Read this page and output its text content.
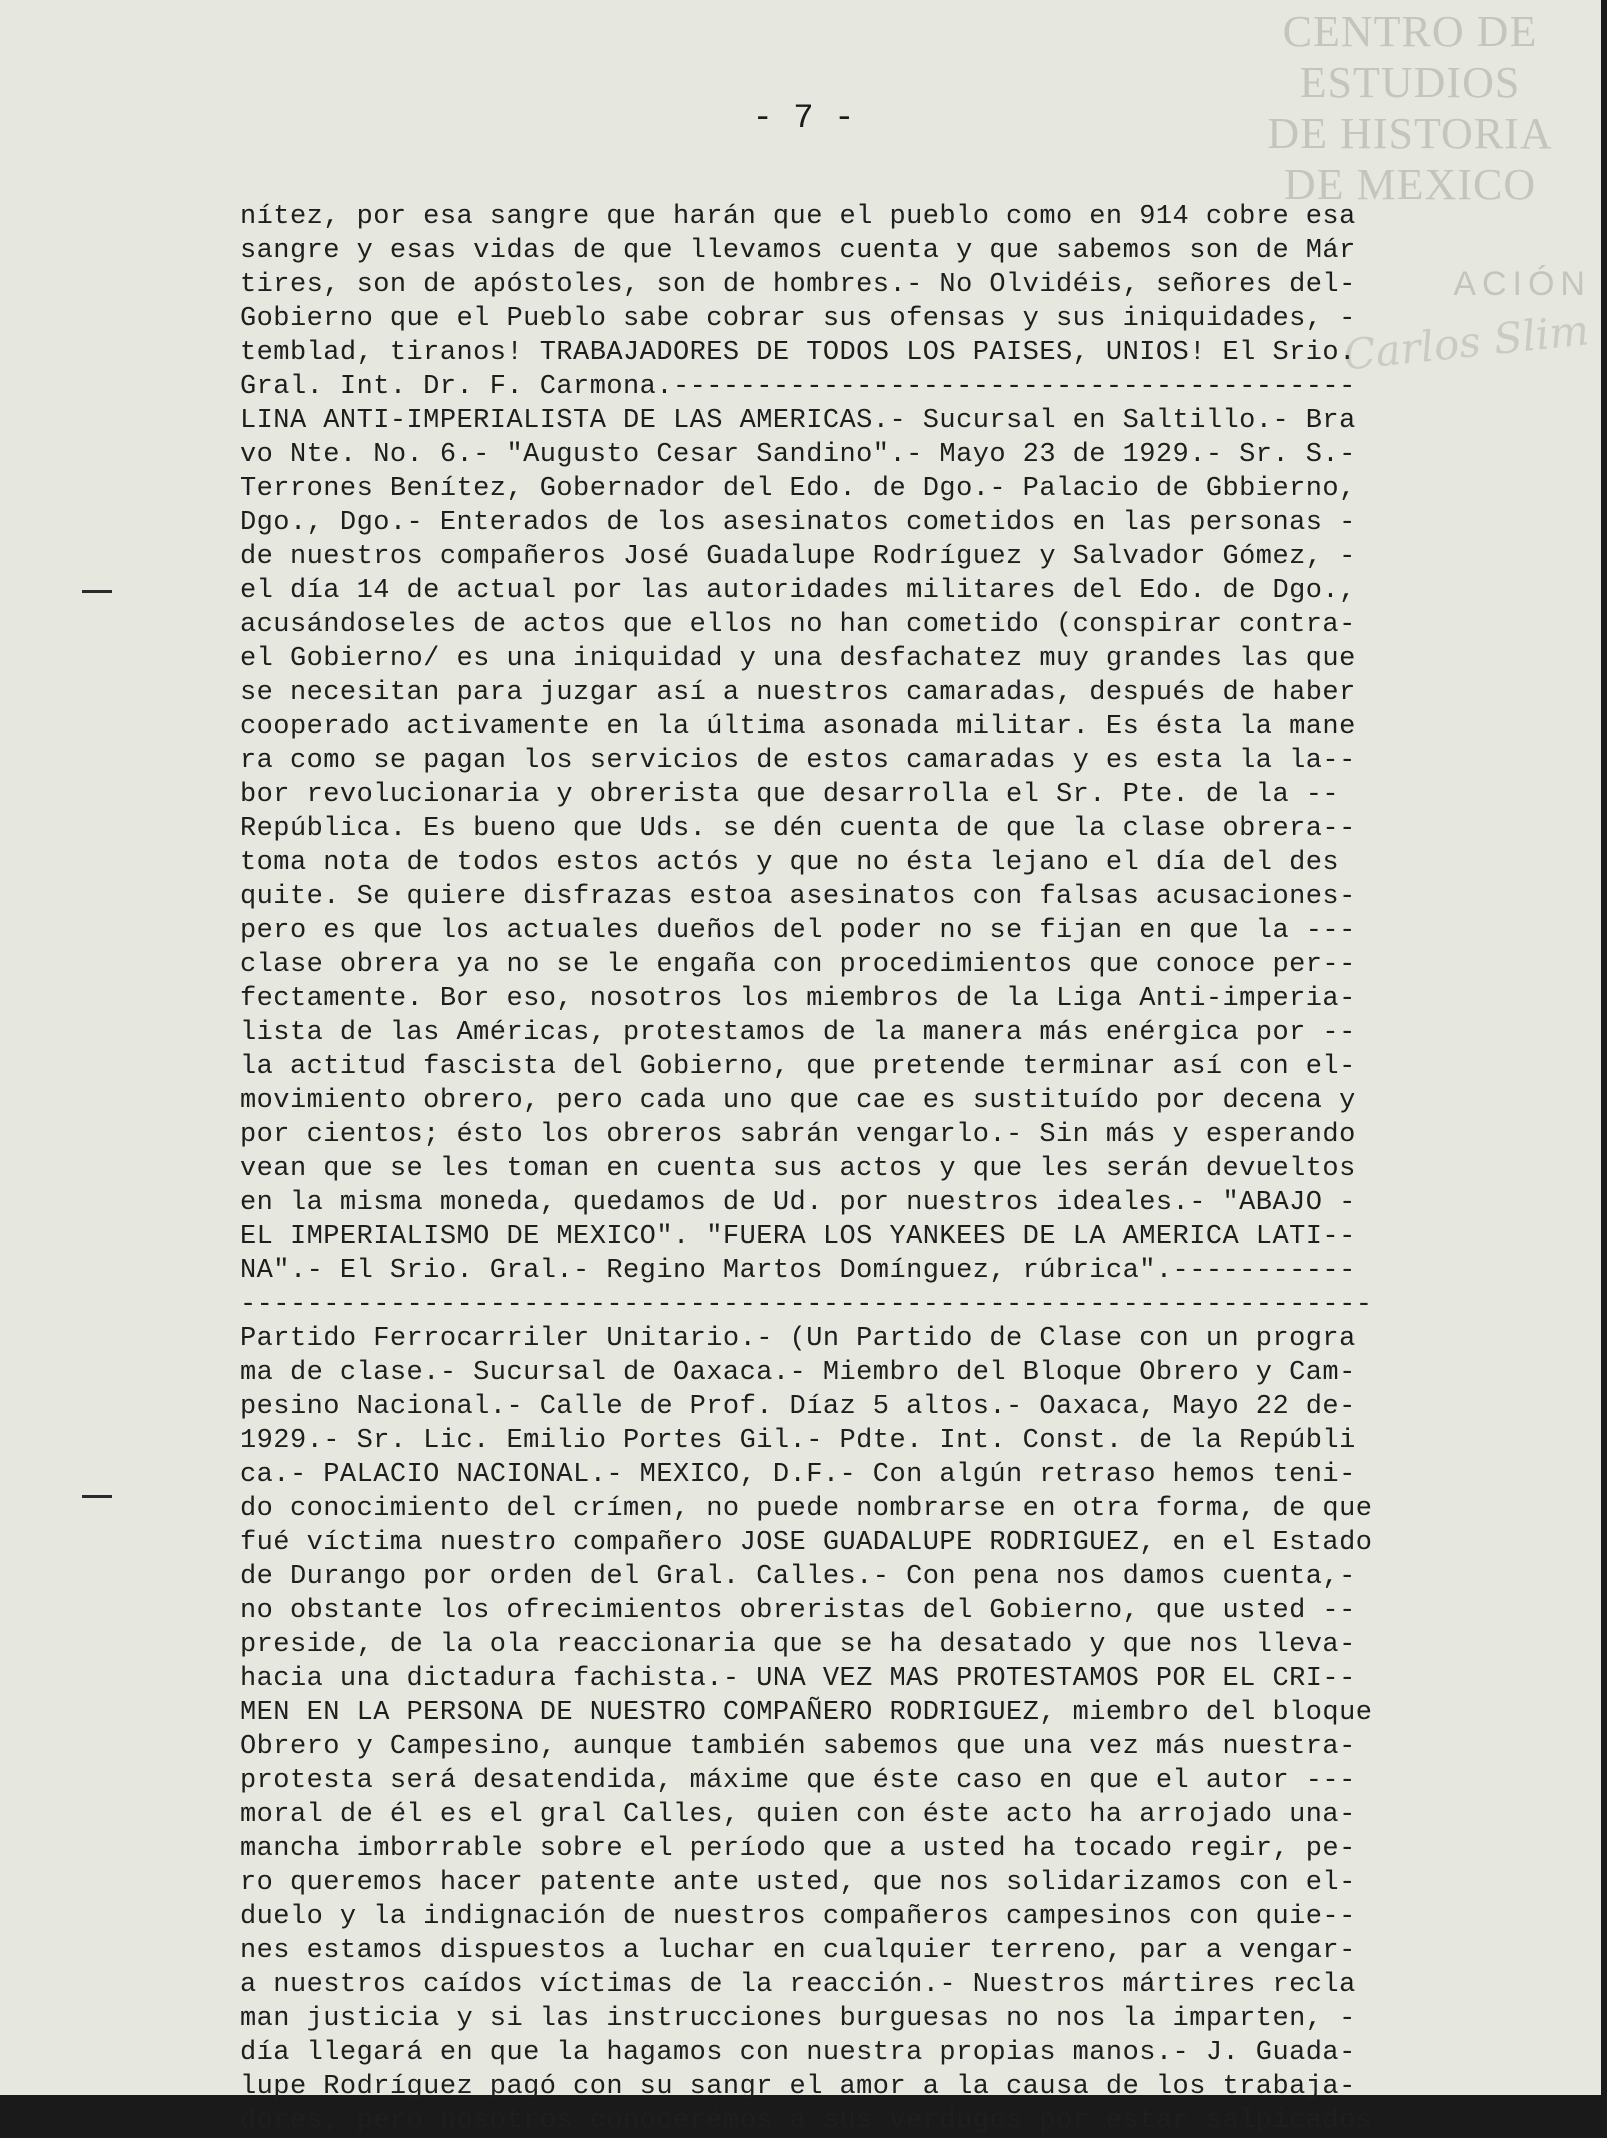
CENTRO DE
ESTUDIOS
DE HISTORIA
DE MEXICO
ACIÓN
Carlos Slim
- 7 -
nítez, por esa sangre que harán que el pueblo como en 914 cobre esa
sangre y esas vidas de que llevamos cuenta y que sabemos son de Már
tires, son de apóstoles, son de hombres.- No Olvidéis, señores del-
Gobierno que el Pueblo sabe cobrar sus ofensas y sus iniquidades, -
temblad, tiranos! TRABAJADORES DE TODOS LOS PAISES, UNIOS! El Srio.
Gral. Int. Dr. F. Carmona.-----------------------------------------
LINA ANTI-IMPERIALISTA DE LAS AMERICAS.- Sucursal en Saltillo.- Bra
vo Nte. No. 6.- "Augusto Cesar Sandino".- Mayo 23 de 1929.- Sr. S.-
Terrones Benítez, Gobernador del Edo. de Dgo.- Palacio de Gbbierno,
Dgo., Dgo.- Enterados de los asesinatos cometidos en las personas -
de nuestros compañeros José Guadalupe Rodríguez y Salvador Gómez, -
el día 14 de actual por las autoridades militares del Edo. de Dgo.,
acusándoseles de actos que ellos no han cometido (conspirar contra-
el Gobierno/ es una iniquidad y una desfachatez muy grandes las que
se necesitan para juzgar así a nuestros camaradas, después de haber
cooperado activamente en la última asonada militar. Es ésta la mane
ra como se pagan los servicios de estos camaradas y es esta la la--
bor revolucionaria y obrerista que desarrolla el Sr. Pte. de la --
República. Es bueno que Uds. se dén cuenta de que la clase obrera--
toma nota de todos estos actós y que no ésta lejano el día del des
quite. Se quiere disfrazas estoa asesinatos con falsas acusaciones-
pero es que los actuales dueños del poder no se fijan en que la ---
clase obrera ya no se le engaña con procedimientos que conoce per--
fectamente. Bor eso, nosotros los miembros de la Liga Anti-imperia-
lista de las Américas, protestamos de la manera más enérgica por --
la actitud fascista del Gobierno, que pretende terminar así con el-
movimiento obrero, pero cada uno que cae es sustituído por decena y
por cientos; ésto los obreros sabrán vengarlo.- Sin más y esperando
vean que se les toman en cuenta sus actos y que les serán devueltos
en la misma moneda, quedamos de Ud. por nuestros ideales.- "ABAJO -
EL IMPERIALISMO DE MEXICO". "FUERA LOS YANKEES DE LA AMERICA LATI--
NA".- El Srio. Gral.- Regino Martos Domínguez, rúbrica".-----------
--------------------------------------------------------------------
Partido Ferrocarriler Unitario.- (Un Partido de Clase con un progra
ma de clase.- Sucursal de Oaxaca.- Miembro del Bloque Obrero y Cam-
pesino Nacional.- Calle de Prof. Díaz 5 altos.- Oaxaca, Mayo 22 de-
1929.- Sr. Lic. Emilio Portes Gil.- Pdte. Int. Const. de la Repúbli
ca.- PALACIO NACIONAL.- MEXICO, D.F.- Con algún retraso hemos teni-
do conocimiento del crímen, no puede nombrarse en otra forma, de que
fué víctima nuestro compañero JOSE GUADALUPE RODRIGUEZ, en el Estado
de Durango por orden del Gral. Calles.- Con pena nos damos cuenta,-
no obstante los ofrecimientos obreristas del Gobierno, que usted --
preside, de la ola reaccionaria que se ha desatado y que nos lleva-
hacia una dictadura fachista.- UNA VEZ MAS PROTESTAMOS POR EL CRI--
MEN EN LA PERSONA DE NUESTRO COMPAÑERO RODRIGUEZ, miembro del bloque
Obrero y Campesino, aunque también sabemos que una vez más nuestra-
protesta será desatendida, máxime que éste caso en que el autor ---
moral de él es el gral Calles, quien con éste acto ha arrojado una-
mancha imborrable sobre el período que a usted ha tocado regir, pe-
ro queremos hacer patente ante usted, que nos solidarizamos con el-
duelo y la indignación de nuestros compañeros campesinos con quie--
nes estamos dispuestos a luchar en cualquier terreno, par a vengar-
a nuestros caídos víctimas de la reacción.- Nuestros mártires recla
man justicia y si las instrucciones burguesas no nos la imparten, -
día llegará en que la hagamos con nuestra propias manos.- J. Guada-
lupe Rodríguez pagó con su sangr el amor a la causa de los trabaja-
dores, pero nosotros conocerémos a sus verdugos por estar salpicados
